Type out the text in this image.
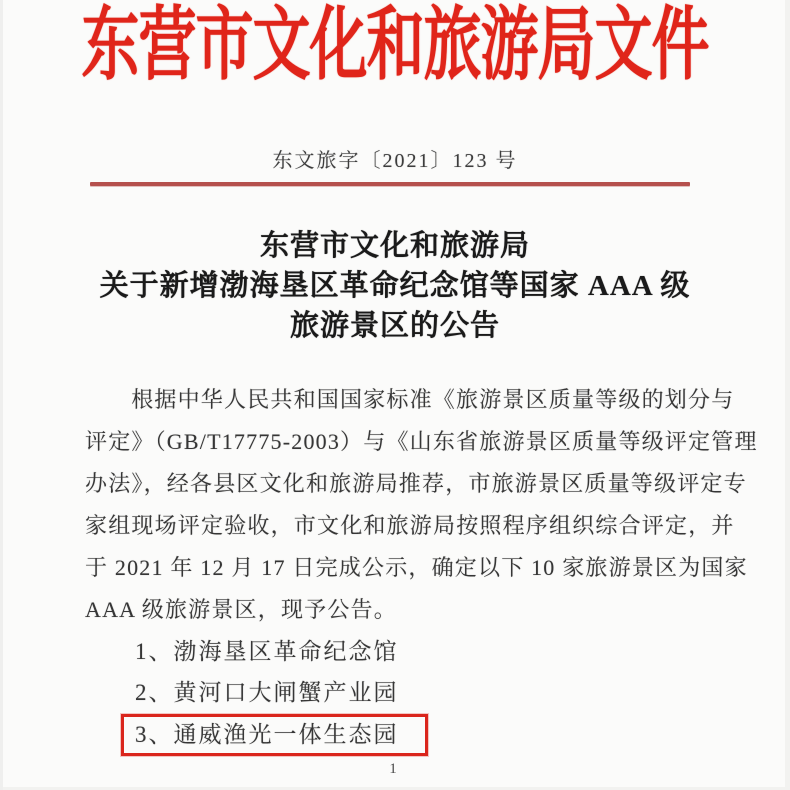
东营市文化和旅游局文件
东文旅字〔2021〕123 号
东营市文化和旅游局
关于新增渤海垦区革命纪念馆等国家 AAA 级
旅游景区的公告
根据中华人民共和国国家标准《旅游景区质量等级的划分与
评定》（GB/T17775-2003）与《山东省旅游景区质量等级评定管理
办法》，经各县区文化和旅游局推荐，市旅游景区质量等级评定专
家组现场评定验收，市文化和旅游局按照程序组织综合评定，并
于 2021 年 12 月 17 日完成公示，确定以下 10 家旅游景区为国家
AAA 级旅游景区，现予公告。
1、渤海垦区革命纪念馆
2、黄河口大闸蟹产业园
3、通威渔光一体生态园
1
